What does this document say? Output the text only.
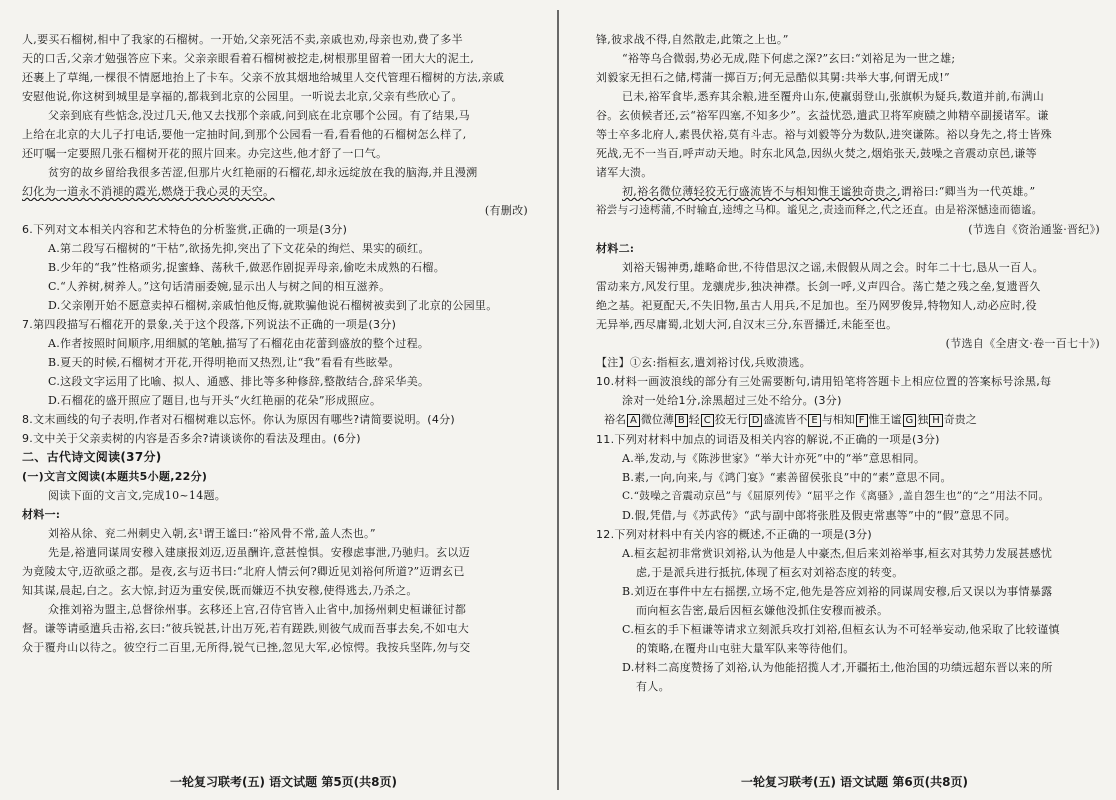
人,要买石榴树,相中了我家的石榴树。一开始,父亲死活不卖,亲戚也劝,母亲也劝,费了多半
天的口舌,父亲才勉强答应下来。父亲亲眼看着石榴树被挖走,树根那里留着一团大大的泥土,
还裹上了草绳,一棵很不情愿地抬上了卡车。父亲不放其烟地给城里人交代管理石榴树的方法,亲戚
安慰他说,你这树到城里是享福的,都栽到北京的公园里。一听说去北京,父亲有些欣心了。
父亲到底有些惦念,没过几天,他又去找那个亲戚,问到底在北京哪个公园。有了结果,马
上给在北京的大儿子打电话,要他一定抽时间,到那个公园看一看,看看他的石榴树怎么样了,
还叮嘱一定要照几张石榴树开花的照片回来。办完这些,他才舒了一口气。
贫穷的故乡留给我很多苦涩,但那片火红艳丽的石榴花,却永远绽放在我的脑海,并且漫溯
幻化为一道永不消褪的霞光,燃烧于我心灵的天空。
(有删改)
6.下列对文本相关内容和艺术特色的分析鉴赏,正确的一项是(3分)
A.第二段写石榴树的“干枯”,欲扬先抑,突出了下文花朵的绚烂、果实的硕红。
B.少年的“我”性格顽劣,捉蜜蜂、荡秋千,做恶作剧捉弄母亲,偷吃未成熟的石榴。
C.“人养树,树养人。”这句话清丽委婉,显示出人与树之间的相互滋养。
D.父亲刚开始不愿意卖掉石榴树,亲戚怕他反悔,就欺骗他说石榴树被卖到了北京的公园里。
7.第四段描写石榴花开的景象,关于这个段落,下列说法不正确的一项是(3分)
A.作者按照时间顺序,用细腻的笔触,描写了石榴花由花蕾到盛放的整个过程。
B.夏天的时候,石榴树才开花,开得明艳而又热烈,让“我”看看有些眩晕。
C.这段文字运用了比喻、拟人、通感、排比等多种修辞,整散结合,辞采华美。
D.石榴花的盛开照应了题目,也与开头“火红艳丽的花朵”形成照应。
8.文末画线的句子表明,作者对石榴树难以忘怀。你认为原因有哪些?请简要说明。(4分)
9.文中关于父亲卖树的内容是否多余?请谈谈你的看法及理由。(6分)
二、古代诗文阅读(37分)
(一)文言文阅读(本题共5小题,22分)
阅读下面的文言文,完成10~14题。
材料一:
刘裕从徐、兖二州刺史入朝,玄¹谓王谧曰:“裕风骨不常,盖人杰也。”
先是,裕遣同谋周安穆入建康报刘迈,迈虽酬许,意甚惶惧。安穆虑事泄,乃驰归。玄以迈
为竟陵太守,迈欲亟之郡。是夜,玄与迈书曰:“北府人情云何?卿近见刘裕何所道?”迈谓玄已
知其谋,晨起,白之。玄大惊,封迈为重安侯,既而嫌迈不执安穆,使得逃去,乃杀之。
众推刘裕为盟主,总督徐州事。玄移还上宫,召侍官皆入止省中,加扬州刺史桓谦征讨都
督。谦等请亟遣兵击裕,玄曰:“彼兵锐甚,计出万死,若有蹉跌,则彼气成而吾事去矣,不如屯大
众于覆舟山以待之。彼空行二百里,无所得,锐气已挫,忽见大军,必惊愕。我按兵坚阵,勿与交
一轮复习联考(五) 语文试题 第5页(共8页)
锋,彼求战不得,自然散走,此策之上也。”
“裕等乌合微弱,势必无成,陛下何虑之深?”玄曰:“刘裕足为一世之雄;
刘毅家无担石之储,樗蒲一掷百万;何无忌酷似其舅:共举大事,何谓无成!”
已未,裕军食毕,悉弃其余粮,进至覆舟山东,使羸弱登山,张旗帜为疑兵,数道并前,布满山
谷。玄侦候者还,云“裕军四塞,不知多少”。玄益忧恐,遣武卫将军庾赜之帅精卒副援诸军。谦
等士卒多北府人,素畏伏裕,莫有斗志。裕与刘毅等分为数队,进突谦陈。裕以身先之,将士皆殊
死战,无不一当百,呼声动天地。时东北风急,因纵火焚之,烟焰张天,鼓噪之音震动京邑,谦等
诸军大溃。
初,裕名微位薄轻狡无行盛流皆不与相知惟王谧独奇贵之,谓裕曰:“卿当为一代英雄。”
裕尝与刁逵樗蒲,不时输直,逵缚之马枊。谧见之,责逵而释之,代之还直。由是裕深憾逵而德谧。
(节选自《资治通鉴·晋纪》)
材料二:
刘裕天锡神勇,雄略命世,不待借思汉之谣,未假假从周之会。时年二十七,恳从一百人。
雷动来方,风发行里。龙骧虎步,独决神襟。长剑一呼,义声四合。荡亡楚之残之垒,复遗晋久
绝之基。祀夏配天,不失旧物,虽古人用兵,不足加也。至乃网罗俊异,特物知人,动必应时,役
无异举,西尽庸蜀,北划大河,自汉末三分,东晋播迁,未能至也。
(节选自《全唐文·卷一百七十》)
【注】①玄:指桓玄,遣刘裕讨伐,兵败溃逃。
10.材料一画波浪线的部分有三处需要断句,请用铅笔将答题卡上相应位置的答案标号涂黑,每
涂对一处给1分,涂黑超过三处不给分。(3分)
裕名 A 微位薄 B 轻 C 狡无行 D 盛流皆不 E 与相知 F 惟王谧 G 独 H 奇贵之
11.下列对材料中加点的词语及相关内容的解说,不正确的一项是(3分)
A.举,发动,与《陈涉世家》“举大计亦死”中的“举”意思相同。
B.素,一向,向来,与《鸿门宴》“素善留侯张良”中的“素”意思不同。
C.“鼓噪之音震动京邑”与《屈原列传》“屈平之作《离骚》,盖自怨生也”的“之”用法不同。
D.假,凭借,与《苏武传》“武与副中郎将张胜及假吏常惠等”中的“假”意思不同。
12.下列对材料中有关内容的概述,不正确的一项是(3分)
A.桓玄起初非常赏识刘裕,认为他是人中豪杰,但后来刘裕举事,桓玄对其势力发展甚感忧
虑,于是派兵进行抵抗,体现了桓玄对刘裕态度的转变。
B.刘迈在事件中左右摇摆,立场不定,他先是答应刘裕的同谋周安穆,后又误以为事情暴露
而向桓玄告密,最后因桓玄嫌他没抓住安穆而被杀。
C.桓玄的手下桓谦等请求立刻派兵攻打刘裕,但桓玄认为不可轻举妄动,他采取了比较谨慎
的策略,在覆舟山屯驻大量军队来等待他们。
D.材料二高度赞扬了刘裕,认为他能招揽人才,开疆拓土,他治国的功绩远超东晋以来的所
有人。
一轮复习联考(五) 语文试题 第6页(共8页)
